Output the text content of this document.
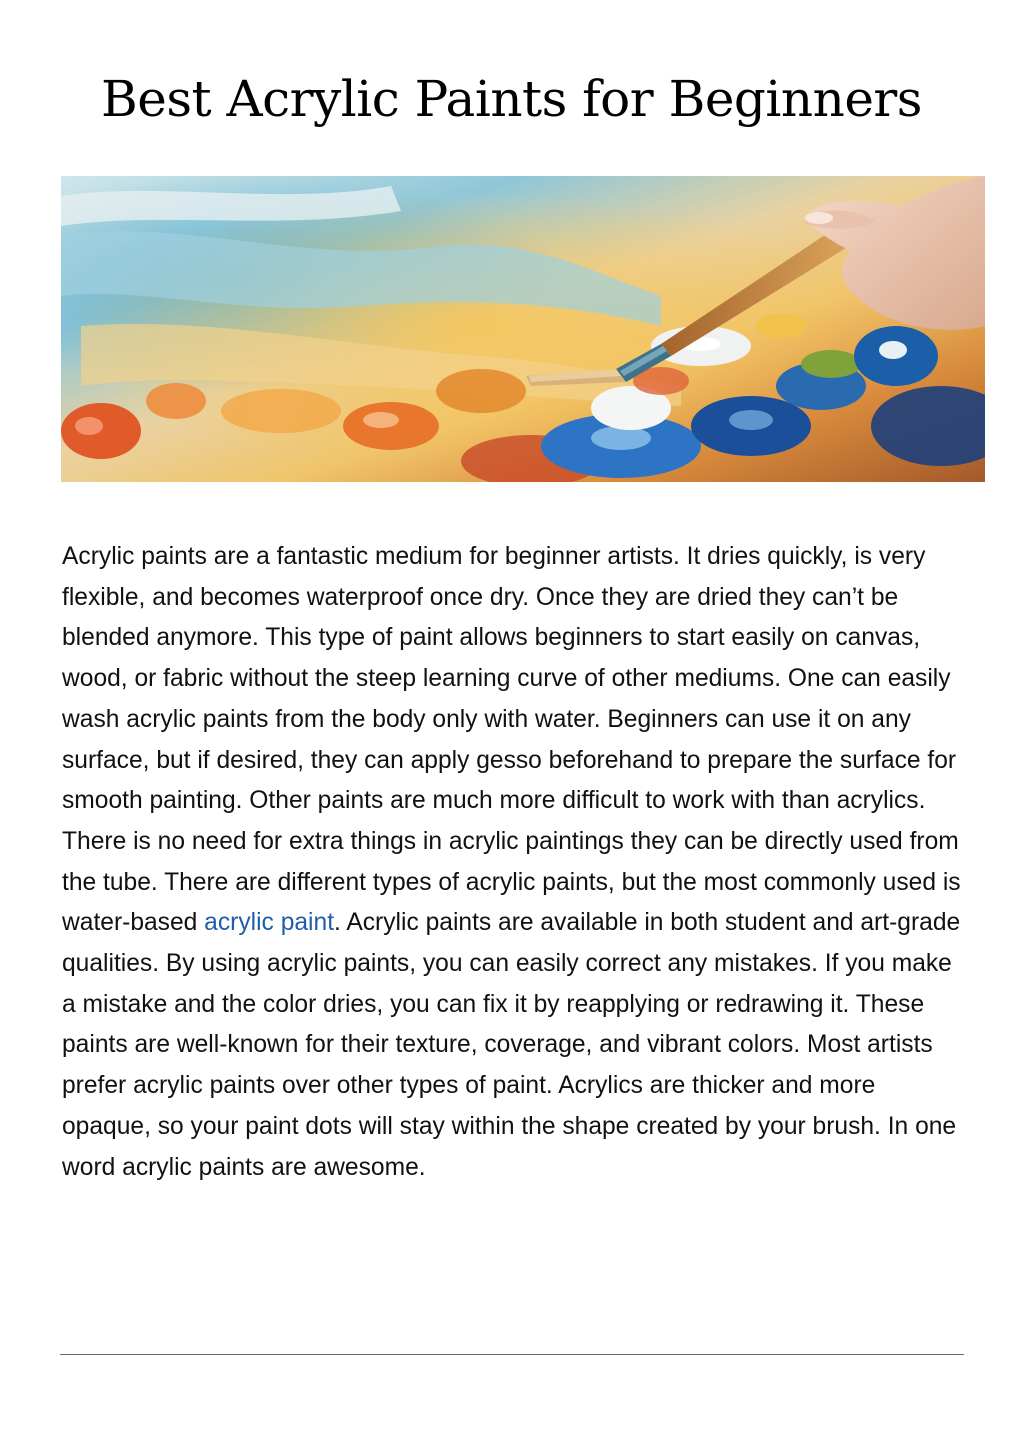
Best Acrylic Paints for Beginners

Acrylic paints are a fantastic medium for beginner artists. It dries quickly, is very flexible, and becomes waterproof once dry. Once they are dried they can’t be blended anymore. This type of paint allows beginners to start easily on canvas, wood, or fabric without the steep learning curve of other mediums. One can easily wash acrylic paints from the body only with water. Beginners can use it on any surface, but if desired, they can apply gesso beforehand to prepare the surface for smooth painting. Other paints are much more difficult to work with than acrylics. There is no need for extra things in acrylic paintings they can be directly used from the tube. There are different types of acrylic paints, but the most commonly used is water-based acrylic paint. Acrylic paints are available in both student and art-grade qualities. By using acrylic paints, you can easily correct any mistakes. If you make a mistake and the color dries, you can fix it by reapplying or redrawing it. These paints are well-known for their texture, coverage, and vibrant colors. Most artists prefer acrylic paints over other types of paint. Acrylics are thicker and more opaque, so your paint dots will stay within the shape created by your brush. In one word acrylic paints are awesome.
